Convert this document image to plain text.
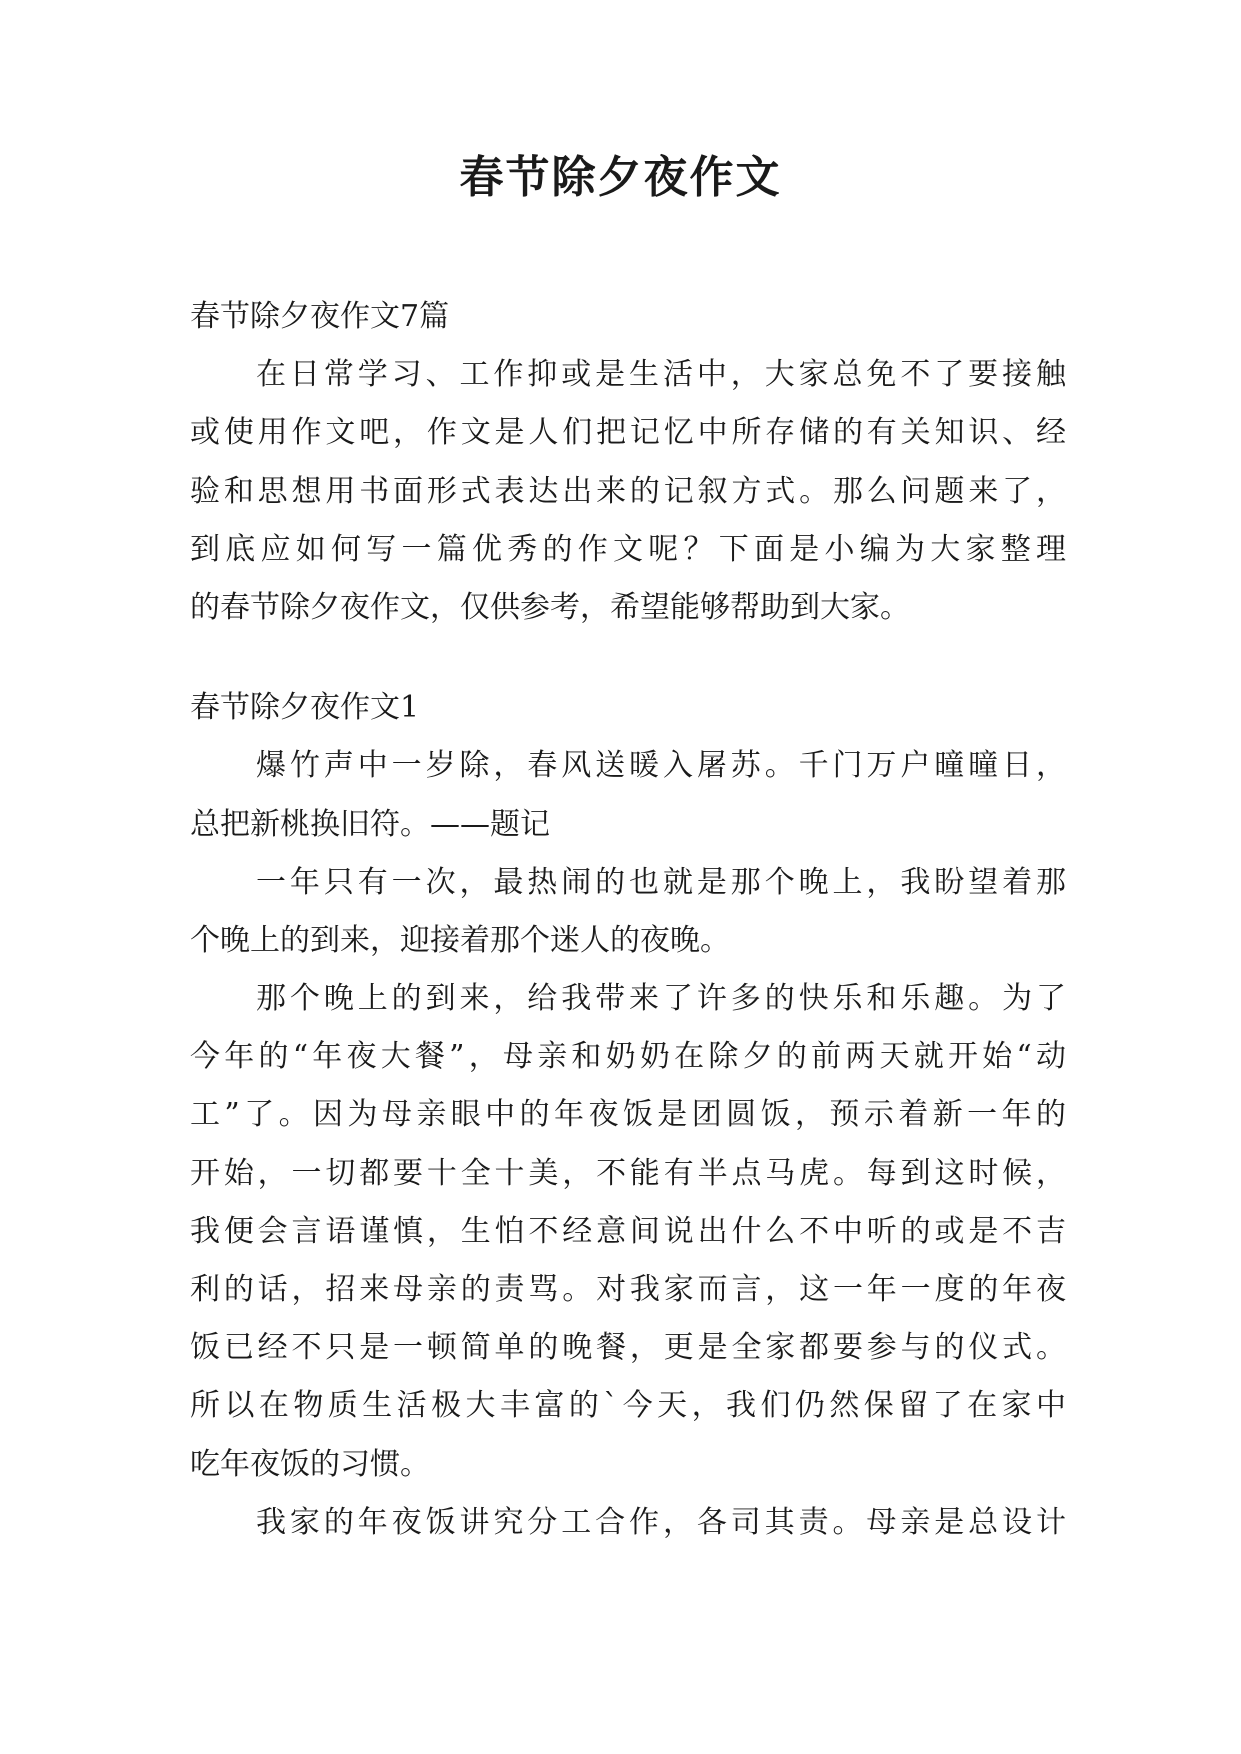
春节除夕夜作文
春节除夕夜作文7篇
在日常学习、工作抑或是生活中，大家总免不了要接触
或使用作文吧，作文是人们把记忆中所存储的有关知识、经
验和思想用书面形式表达出来的记叙方式。那么问题来了，
到底应如何写一篇优秀的作文呢？下面是小编为大家整理
的春节除夕夜作文，仅供参考，希望能够帮助到大家。
春节除夕夜作文1
爆竹声中一岁除，春风送暖入屠苏。千门万户曈曈日，
总把新桃换旧符。——题记
一年只有一次，最热闹的也就是那个晚上，我盼望着那
个晚上的到来，迎接着那个迷人的夜晚。
那个晚上的到来，给我带来了许多的快乐和乐趣。为了
今年的“年夜大餐”，母亲和奶奶在除夕的前两天就开始“动
工”了。因为母亲眼中的年夜饭是团圆饭，预示着新一年的
开始，一切都要十全十美，不能有半点马虎。每到这时候，
我便会言语谨慎，生怕不经意间说出什么不中听的或是不吉
利的话，招来母亲的责骂。对我家而言，这一年一度的年夜
饭已经不只是一顿简单的晚餐，更是全家都要参与的仪式。
所以在物质生活极大丰富的`今天，我们仍然保留了在家中
吃年夜饭的习惯。
我家的年夜饭讲究分工合作，各司其责。母亲是总设计
